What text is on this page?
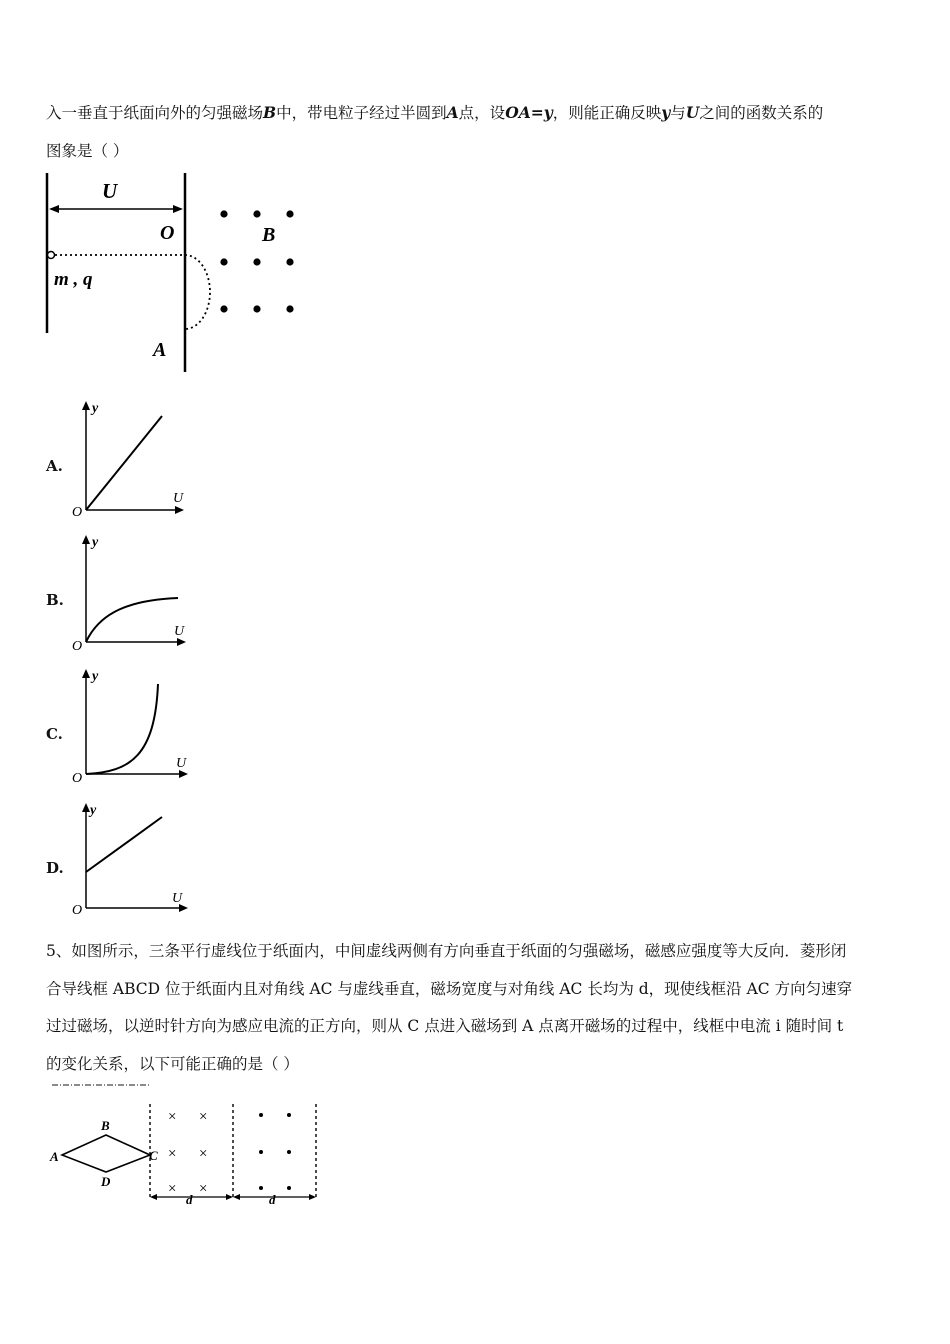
入一垂直于纸面向外的匀强磁场B中，带电粒子经过半圆到A点，设OA=y，则能正确反映y与U之间的函数关系的
图象是（ ）

U
O
m , q
B
A
A.
y
U
O
B.
y
U
O
C.
y
U
O
D.
y
U
O

5、如图所示，三条平行虚线位于纸面内，中间虚线两侧有方向垂直于纸面的匀强磁场，磁感应强度等大反向．菱形闭
合导线框 ABCD 位于纸面内且对角线 AC 与虚线垂直，磁场宽度与对角线 AC 长均为 d，现使线框沿 AC 方向匀速穿
过过磁场，以逆时针方向为感应电流的正方向，则从 C 点进入磁场到 A 点离开磁场的过程中，线框中电流 i 随时间 t
的变化关系，以下可能正确的是（ ）

A
B
C
D
× ×
× ×
× ×
d	d
